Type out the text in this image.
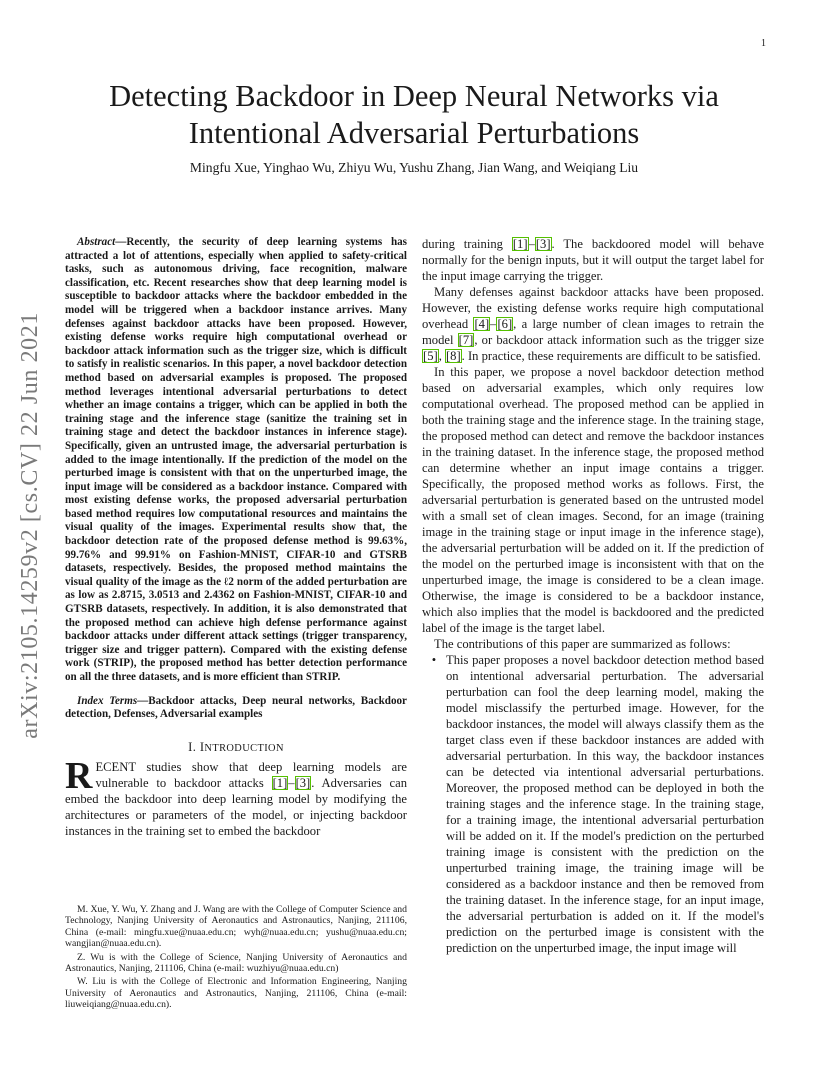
1
arXiv:2105.14259v2 [cs.CV] 22 Jun 2021
Detecting Backdoor in Deep Neural Networks via
Intentional Adversarial Perturbations
Mingfu Xue, Yinghao Wu, Zhiyu Wu, Yushu Zhang, Jian Wang, and Weiqiang Liu

Abstract—Recently, the security of deep learning systems has attracted a lot of attentions, especially when applied to safety-critical tasks, such as autonomous driving, face recognition, malware classification, etc. Recent researches show that deep learning model is susceptible to backdoor attacks where the backdoor embedded in the model will be triggered when a backdoor instance arrives. Many defenses against backdoor attacks have been proposed. However, existing defense works require high computational overhead or backdoor attack information such as the trigger size, which is difficult to satisfy in realistic scenarios. In this paper, a novel backdoor detection method based on adversarial examples is proposed. The proposed method leverages intentional adversarial perturbations to detect whether an image contains a trigger, which can be applied in both the training stage and the inference stage (sanitize the training set in training stage and detect the backdoor instances in inference stage). Specifically, given an untrusted image, the adversarial perturbation is added to the image intentionally. If the prediction of the model on the perturbed image is consistent with that on the unperturbed image, the input image will be considered as a backdoor instance. Compared with most existing defense works, the proposed adversarial perturbation based method requires low computational resources and maintains the visual quality of the images. Experimental results show that, the backdoor detection rate of the proposed defense method is 99.63%, 99.76% and 99.91% on Fashion-MNIST, CIFAR-10 and GTSRB datasets, respectively. Besides, the proposed method maintains the visual quality of the image as the ℓ2 norm of the added perturbation are as low as 2.8715, 3.0513 and 2.4362 on Fashion-MNIST, CIFAR-10 and GTSRB datasets, respectively. In addition, it is also demonstrated that the proposed method can achieve high defense performance against backdoor attacks under different attack settings (trigger transparency, trigger size and trigger pattern). Compared with the existing defense work (STRIP), the proposed method has better detection performance on all the three datasets, and is more efficient than STRIP.

Index Terms—Backdoor attacks, Deep neural networks, Backdoor detection, Defenses, Adversarial examples

I. INTRODUCTION

RECENT studies show that deep learning models are vulnerable to backdoor attacks [1]–[3]. Adversaries can embed the backdoor into deep learning model by modifying the architectures or parameters of the model, or injecting backdoor instances in the training set to embed the backdoor

M. Xue, Y. Wu, Y. Zhang and J. Wang are with the College of Computer Science and Technology, Nanjing University of Aeronautics and Astronautics, Nanjing, 211106, China (e-mail: mingfu.xue@nuaa.edu.cn; wyh@nuaa.edu.cn; yushu@nuaa.edu.cn; wangjian@nuaa.edu.cn).

Z. Wu is with the College of Science, Nanjing University of Aeronautics and Astronautics, Nanjing, 211106, China (e-mail: wuzhiyu@nuaa.edu.cn)

W. Liu is with the College of Electronic and Information Engineering, Nanjing University of Aeronautics and Astronautics, Nanjing, 211106, China (e-mail: liuweiqiang@nuaa.edu.cn).

during training [1]–[3]. The backdoored model will behave normally for the benign inputs, but it will output the target label for the input image carrying the trigger.

Many defenses against backdoor attacks have been proposed. However, the existing defense works require high computational overhead [4]–[6], a large number of clean images to retrain the model [7], or backdoor attack information such as the trigger size [5], [8]. In practice, these requirements are difficult to be satisfied.

In this paper, we propose a novel backdoor detection method based on adversarial examples, which only requires low computational overhead. The proposed method can be applied in both the training stage and the inference stage. In the training stage, the proposed method can detect and remove the backdoor instances in the training dataset. In the inference stage, the proposed method can determine whether an input image contains a trigger. Specifically, the proposed method works as follows. First, the adversarial perturbation is generated based on the untrusted model with a small set of clean images. Second, for an image (training image in the training stage or input image in the inference stage), the adversarial perturbation will be added on it. If the prediction of the model on the perturbed image is inconsistent with that on the unperturbed image, the image is considered to be a clean image. Otherwise, the image is considered to be a backdoor instance, which also implies that the model is backdoored and the predicted label of the image is the target label.

The contributions of this paper are summarized as follows:

• This paper proposes a novel backdoor detection method based on intentional adversarial perturbation. The adversarial perturbation can fool the deep learning model, making the model misclassify the perturbed image. However, for the backdoor instances, the model will always classify them as the target class even if these backdoor instances are added with adversarial perturbation. In this way, the backdoor instances can be detected via intentional adversarial perturbations. Moreover, the proposed method can be deployed in both the training stages and the inference stage. In the training stage, for a training image, the intentional adversarial perturbation will be added on it. If the model's prediction on the perturbed training image is consistent with the prediction on the unperturbed training image, the training image will be considered as a backdoor instance and then be removed from the training dataset. In the inference stage, for an input image, the adversarial perturbation is added on it. If the model's prediction on the perturbed image is consistent with the prediction on the unperturbed image, the input image will
